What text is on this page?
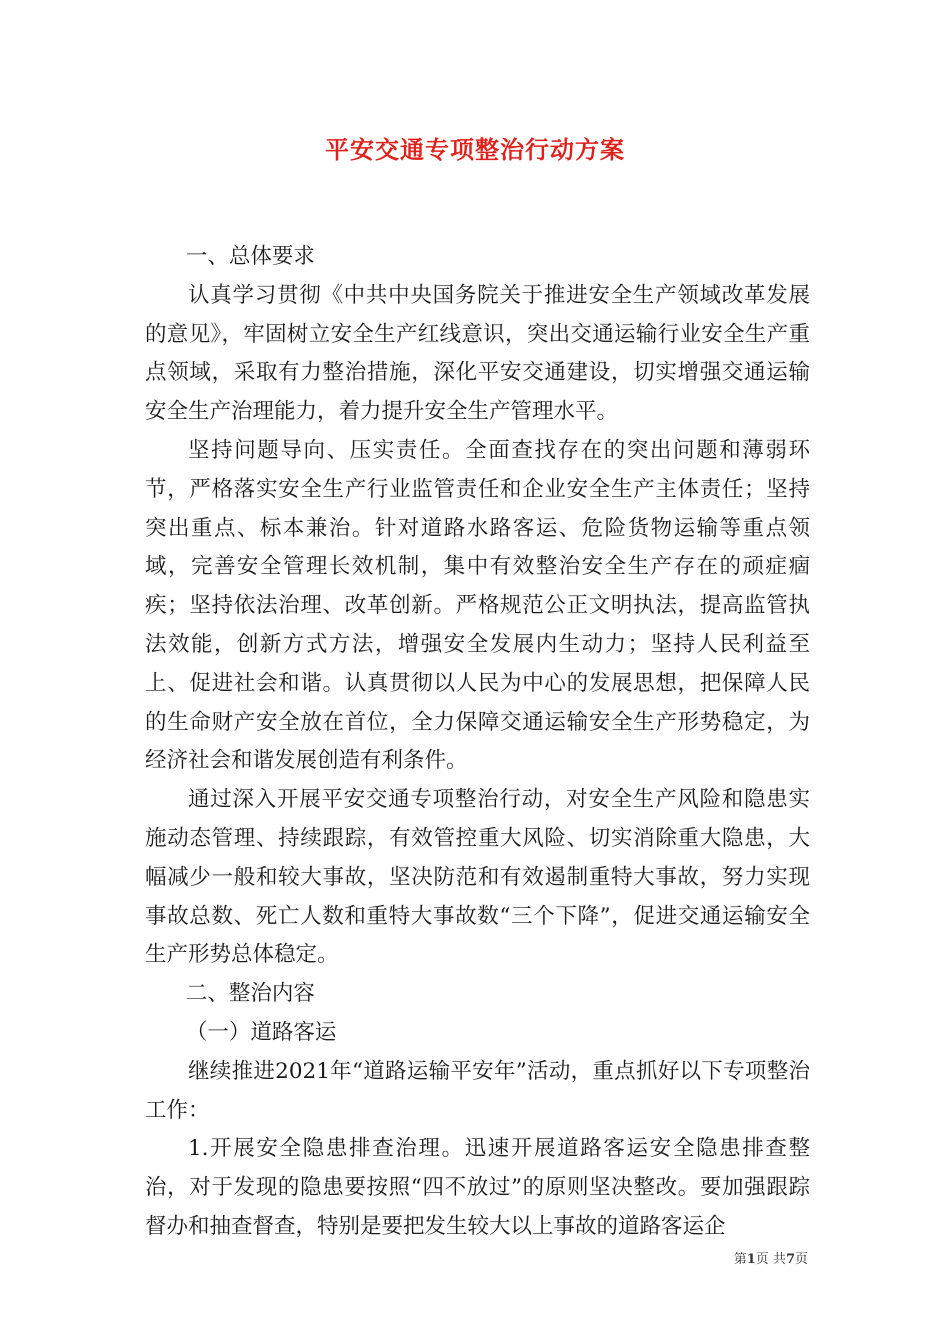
平安交通专项整治行动方案

一、总体要求

认真学习贯彻《中共中央国务院关于推进安全生产领域改革发展的意见》，牢固树立安全生产红线意识，突出交通运输行业安全生产重点领域，采取有力整治措施，深化平安交通建设，切实增强交通运输安全生产治理能力，着力提升安全生产管理水平。

坚持问题导向、压实责任。全面查找存在的突出问题和薄弱环节，严格落实安全生产行业监管责任和企业安全生产主体责任；坚持突出重点、标本兼治。针对道路水路客运、危险货物运输等重点领域，完善安全管理长效机制，集中有效整治安全生产存在的顽症痼疾；坚持依法治理、改革创新。严格规范公正文明执法，提高监管执法效能，创新方式方法，增强安全发展内生动力；坚持人民利益至上、促进社会和谐。认真贯彻以人民为中心的发展思想，把保障人民的生命财产安全放在首位，全力保障交通运输安全生产形势稳定，为经济社会和谐发展创造有利条件。

通过深入开展平安交通专项整治行动，对安全生产风险和隐患实施动态管理、持续跟踪，有效管控重大风险、切实消除重大隐患，大幅减少一般和较大事故，坚决防范和有效遏制重特大事故，努力实现事故总数、死亡人数和重特大事故数“三个下降”，促进交通运输安全生产形势总体稳定。

二、整治内容

（一）道路客运

继续推进2021年“道路运输平安年”活动，重点抓好以下专项整治工作：

1.开展安全隐患排查治理。迅速开展道路客运安全隐患排查整治，对于发现的隐患要按照“四不放过”的原则坚决整改。要加强跟踪督办和抽查督查，特别是要把发生较大以上事故的道路客运企

第1页 共7页
